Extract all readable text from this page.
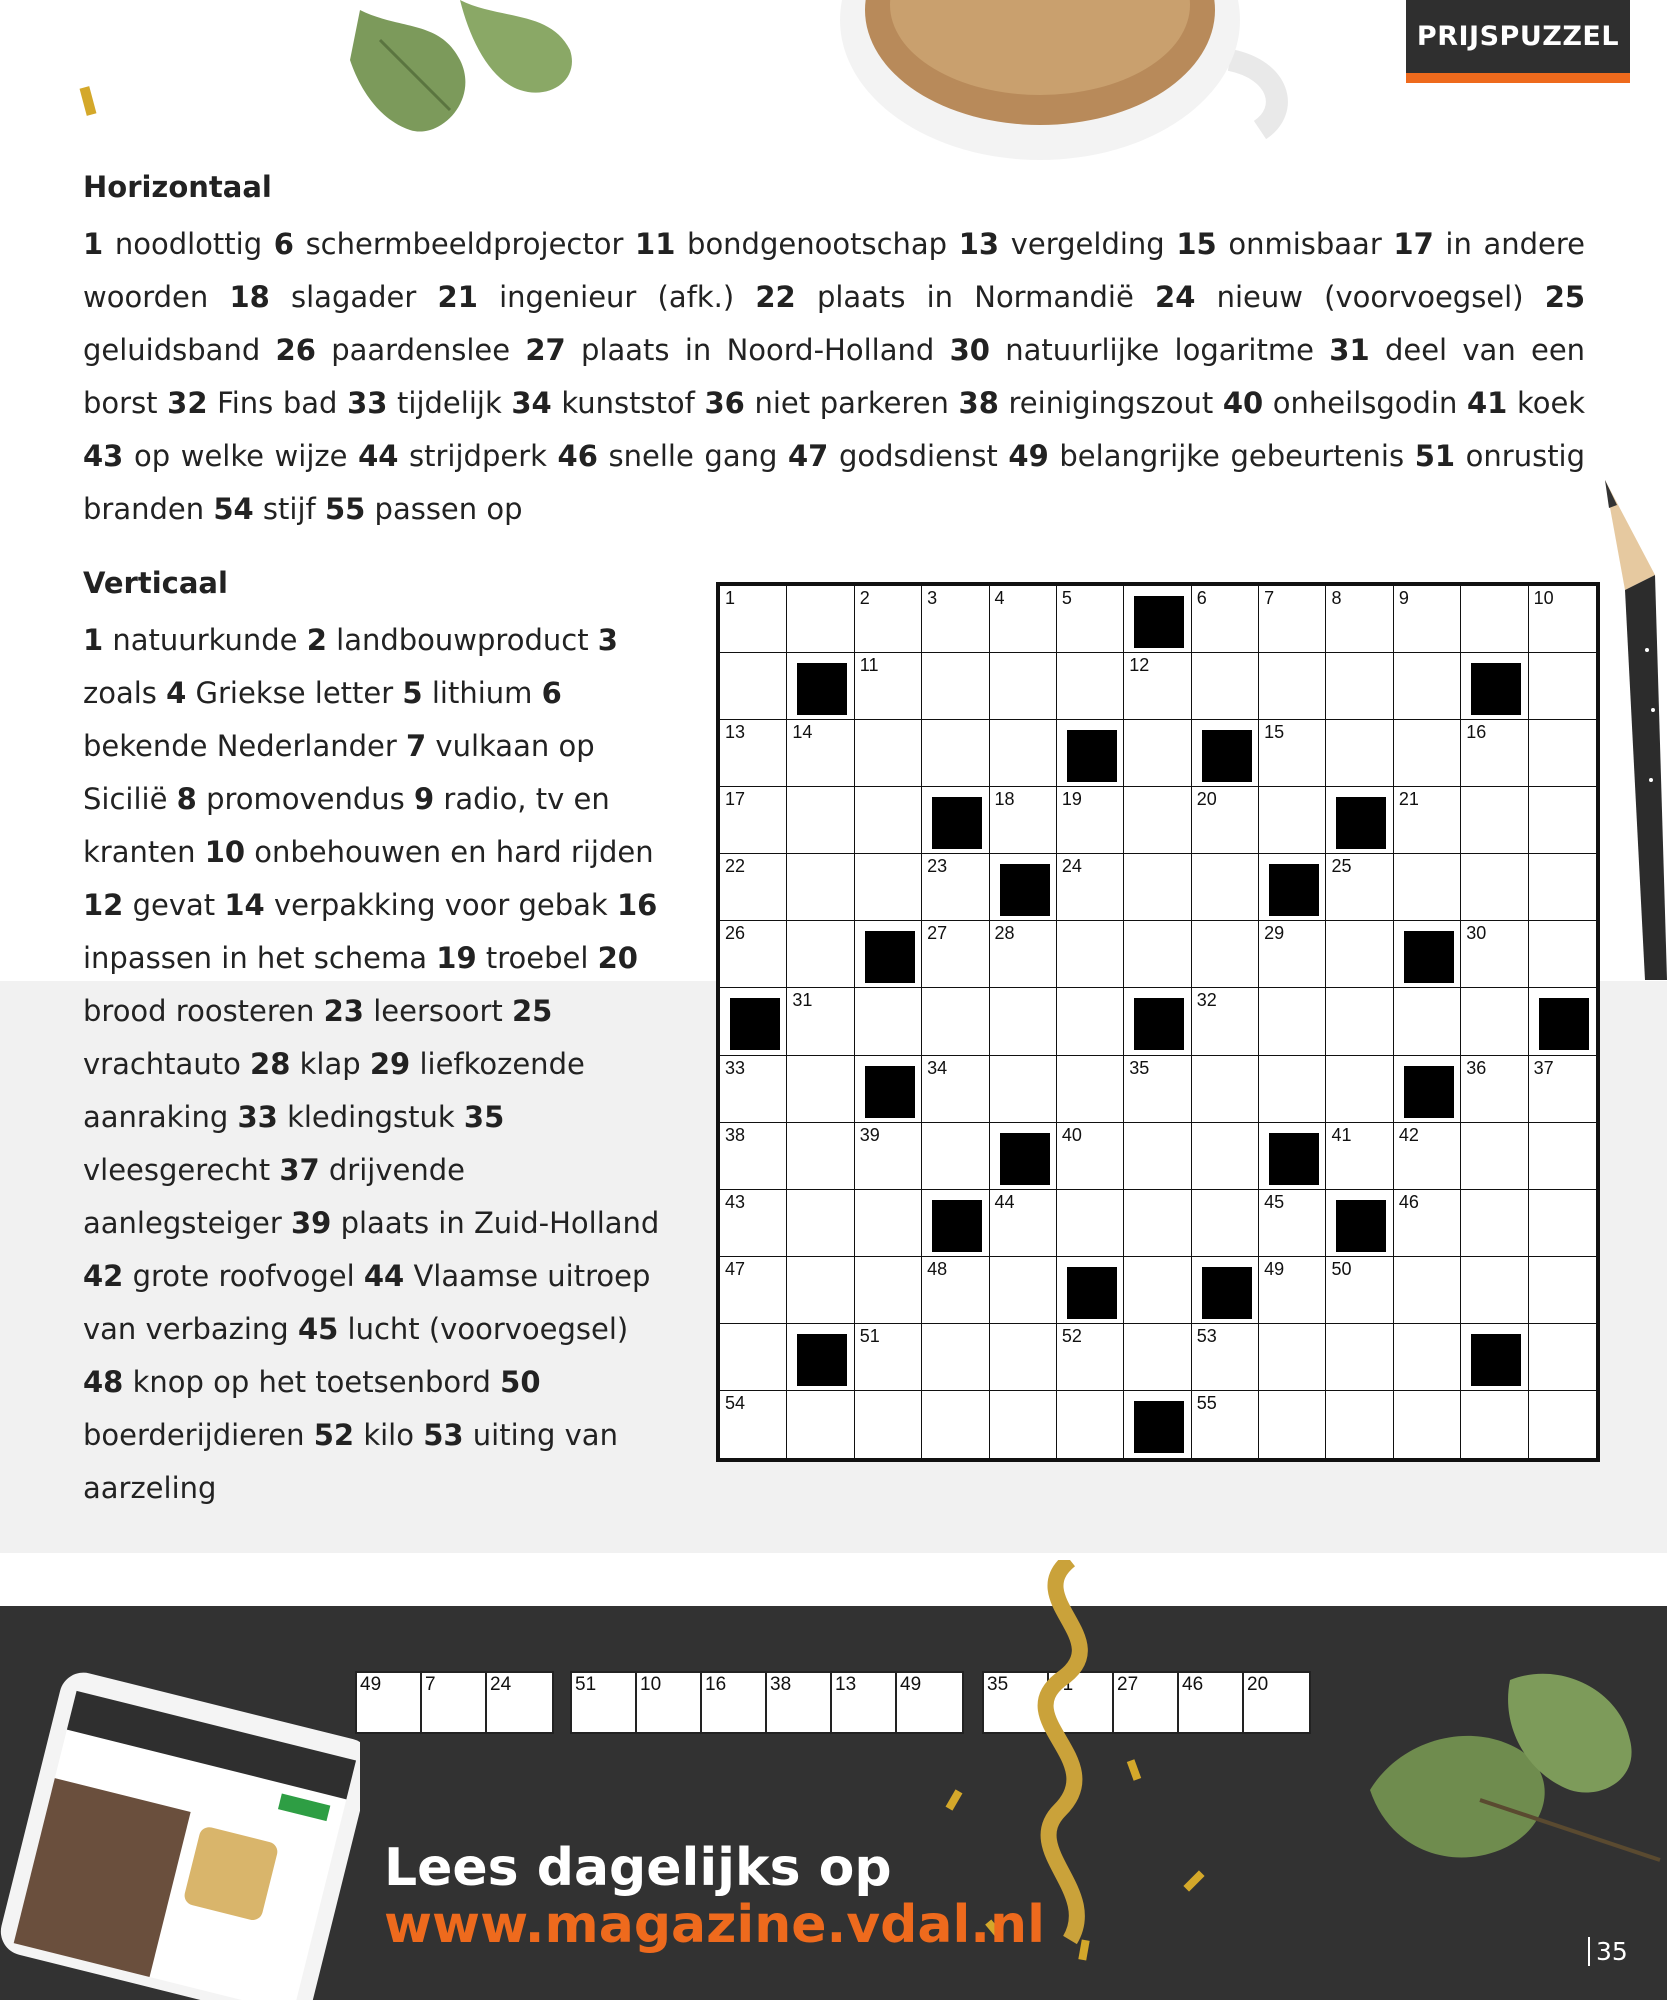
PRIJSPUZZEL
Horizontaal
1 noodlottig 6 schermbeeldprojector 11 bondgenootschap 13 vergelding 15 onmisbaar 17 in andere woorden 18 slagader 21 ingenieur (afk.) 22 plaats in Normandië 24 nieuw (voorvoegsel) 25 geluidsband 26 paardenslee 27 plaats in Noord-Holland 30 natuurlijke logaritme 31 deel van een borst 32 Fins bad 33 tijdelijk 34 kunststof 36 niet parkeren 38 reinigingszout 40 onheilsgodin 41 koek 43 op welke wijze 44 strijdperk 46 snelle gang 47 godsdienst 49 belangrijke gebeurtenis 51 onrustig branden 54 stijf 55 passen op
Verticaal
1 natuurkunde 2 landbouwproduct 3 zoals 4 Griekse letter 5 lithium 6 bekende Nederlander 7 vulkaan op Sicilië 8 promovendus 9 radio, tv en kranten 10 onbehouwen en hard rijden 12 gevat 14 verpakking voor gebak 16 inpassen in het schema 19 troebel 20 brood roosteren 23 leersoort 25 vrachtauto 28 klap 29 liefkozende aanraking 33 kledingstuk 35 vleesgerecht 37 drijvende aanlegsteiger 39 plaats in Zuid-Holland 42 grote roofvogel 44 Vlaamse uitroep van verbazing 45 lucht (voorvoegsel) 48 knop op het toetsenbord 50 boerderijdieren 52 kilo 53 uiting van aarzeling
1	2	3	4	5	6	7	8	9	10
11	12
13	14	15	16
17	18	19	20	21
22	23	24	25
26	27	28	29	30
31	32
33	34	35	36	37
38	39	40	41	42
43	44	45	46
47	48	49	50
51	52	53
54	55
49 7	24	51 10 16 38 13 49	35 31 27 46 20
Lees dagelijks op
www.magazine.vdal.nl	35
